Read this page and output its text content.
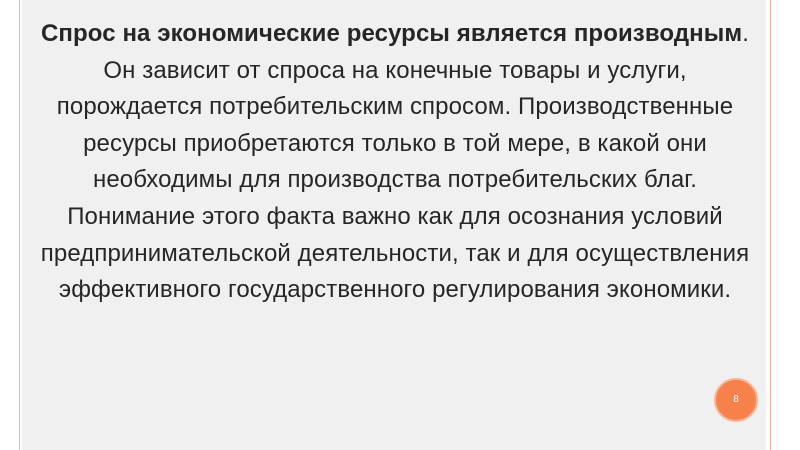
Спрос на экономические ресурсы является производным. Он зависит от спроса на конечные товары и услуги, порождается потребительским спросом. Производственные ресурсы приобретаются только в той мере, в какой они необходимы для производства потребительских благ. Понимание этого факта важно как для осознания условий предпринимательской деятельности, так и для осуществления эффективного государственного регулирования экономики.

8
